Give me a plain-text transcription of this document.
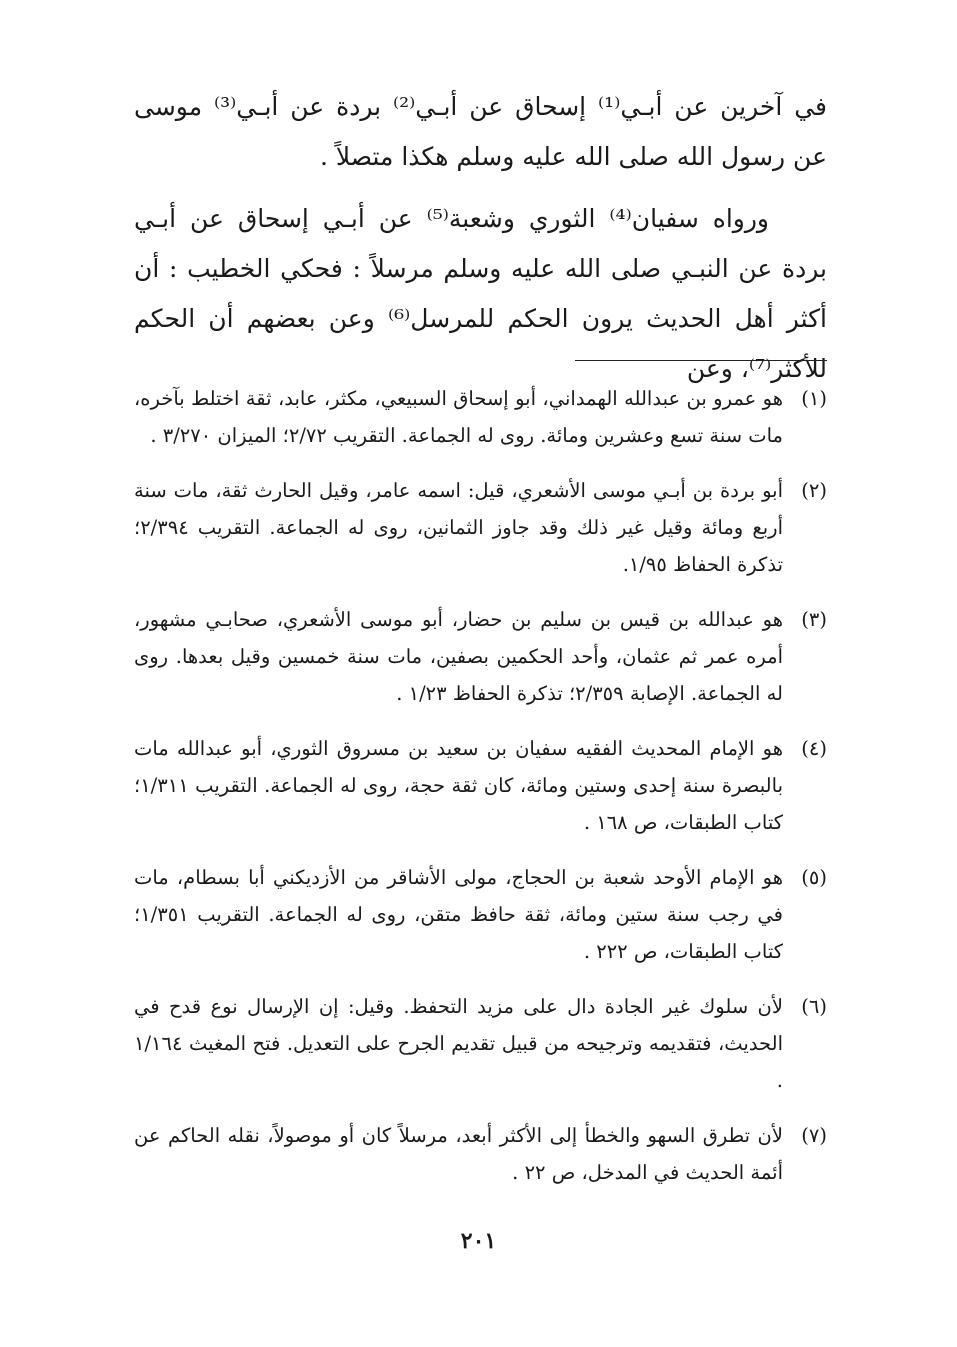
في آخرين عن أبـي⁽¹⁾ إسحاق عن أبـي⁽²⁾ بردة عن أبـي⁽³⁾ موسى عن رسول الله صلى الله عليه وسلم هكذا متصلاً .

ورواه سفيان⁽⁴⁾ الثوري وشعبة⁽⁵⁾ عن أبـي إسحاق عن أبـي بردة عن النبـي صلى الله عليه وسلم مرسلاً : فحكي الخطيب : أن أكثر أهل الحديث يرون الحكم للمرسل⁽⁶⁾ وعن بعضهم أن الحكم للأكثر⁽⁷⁾، وعن

(١)
هو عمرو بن عبدالله الهمداني، أبو إسحاق السبيعي، مكثر، عابد، ثقة اختلط بآخره، مات سنة تسع وعشرين ومائة. روى له الجماعة. التقريب ٢/٧٢؛ الميزان ٣/٢٧٠ .
(٢)
أبو بردة بن أبـي موسى الأشعري، قيل: اسمه عامر، وقيل الحارث ثقة، مات سنة أربع ومائة وقيل غير ذلك وقد جاوز الثمانين، روى له الجماعة. التقريب ٢/٣٩٤؛ تذكرة الحفاظ ١/٩٥.
(٣)
هو عبدالله بن قيس بن سليم بن حضار، أبو موسى الأشعري، صحابـي مشهور، أمره عمر ثم عثمان، وأحد الحكمين بصفين، مات سنة خمسين وقيل بعدها. روى له الجماعة. الإصابة ٢/٣٥٩؛ تذكرة الحفاظ ١/٢٣ .
(٤)
هو الإمام المحديث الفقيه سفيان بن سعيد بن مسروق الثوري، أبو عبدالله مات بالبصرة سنة إحدى وستين ومائة، كان ثقة حجة، روى له الجماعة. التقريب ١/٣١١؛ كتاب الطبقات، ص ١٦٨ .
(٥)
هو الإمام الأوحد شعبة بن الحجاج، مولى الأشاقر من الأزديكني أبا بسطام، مات في رجب سنة ستين ومائة، ثقة حافظ متقن، روى له الجماعة. التقريب ١/٣٥١؛ كتاب الطبقات، ص ٢٢٢ .
(٦)
لأن سلوك غير الجادة دال على مزيد التحفظ. وقيل: إن الإرسال نوع قدح في الحديث، فتقديمه وترجيحه من قبيل تقديم الجرح على التعديل. فتح المغيث ١/١٦٤ .
(٧)
لأن تطرق السهو والخطأ إلى الأكثر أبعد، مرسلاً كان أو موصولاً، نقله الحاكم عن أئمة الحديث في المدخل، ص ٢٢ .
٢٠١
